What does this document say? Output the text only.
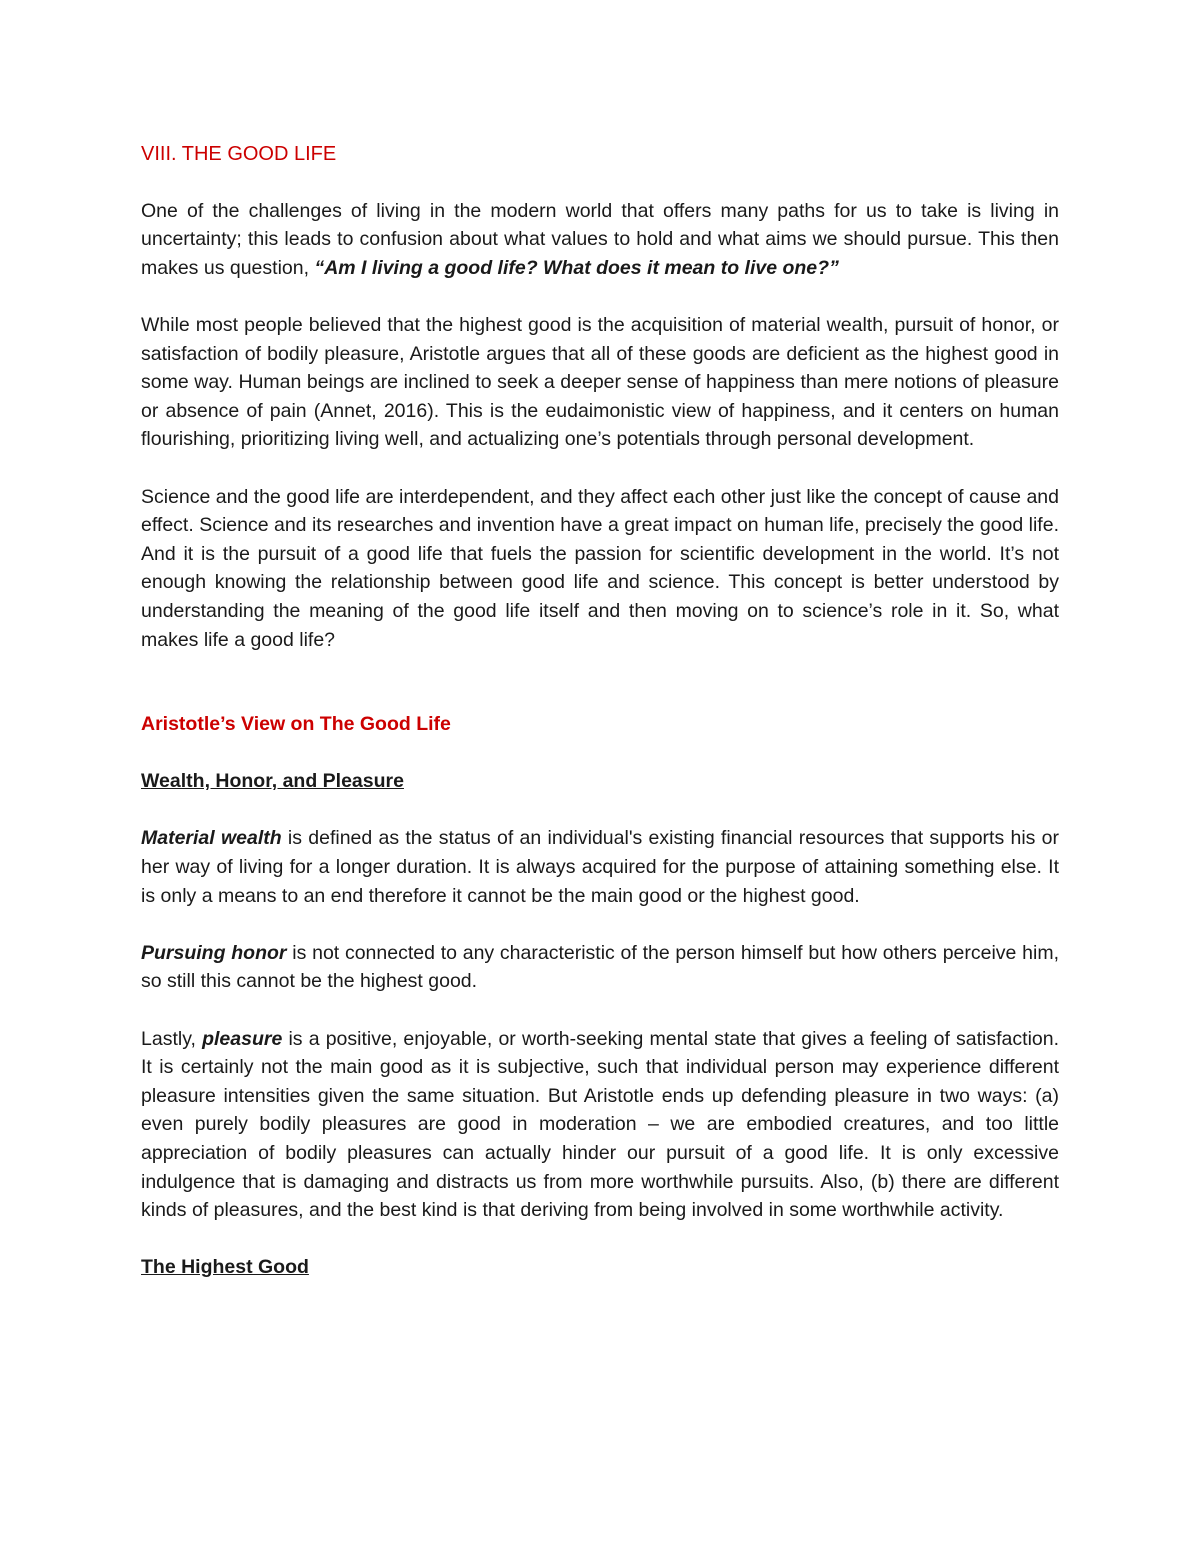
VIII. THE GOOD LIFE

One of the challenges of living in the modern world that offers many paths for us to take is living in uncertainty; this leads to confusion about what values to hold and what aims we should pursue. This then makes us question, “Am I living a good life? What does it mean to live one?”

While most people believed that the highest good is the acquisition of material wealth, pursuit of honor, or satisfaction of bodily pleasure, Aristotle argues that all of these goods are deficient as the highest good in some way. Human beings are inclined to seek a deeper sense of happiness than mere notions of pleasure or absence of pain (Annet, 2016). This is the eudaimonistic view of happiness, and it centers on human flourishing, prioritizing living well, and actualizing one’s potentials through personal development.

Science and the good life are interdependent, and they affect each other just like the concept of cause and effect. Science and its researches and invention have a great impact on human life, precisely the good life. And it is the pursuit of a good life that fuels the passion for scientific development in the world. It’s not enough knowing the relationship between good life and science. This concept is better understood by understanding the meaning of the good life itself and then moving on to science’s role in it. So, what makes life a good life?

Aristotle’s View on The Good Life
Wealth, Honor, and Pleasure

Material wealth is defined as the status of an individual's existing financial resources that supports his or her way of living for a longer duration. It is always acquired for the purpose of attaining something else. It is only a means to an end therefore it cannot be the main good or the highest good.

Pursuing honor is not connected to any characteristic of the person himself but how others perceive him, so still this cannot be the highest good.

Lastly, pleasure is a positive, enjoyable, or worth-seeking mental state that gives a feeling of satisfaction. It is certainly not the main good as it is subjective, such that individual person may experience different pleasure intensities given the same situation. But Aristotle ends up defending pleasure in two ways: (a) even purely bodily pleasures are good in moderation – we are embodied creatures, and too little appreciation of bodily pleasures can actually hinder our pursuit of a good life. It is only excessive indulgence that is damaging and distracts us from more worthwhile pursuits. Also, (b) there are different kinds of pleasures, and the best kind is that deriving from being involved in some worthwhile activity.

The Highest Good
